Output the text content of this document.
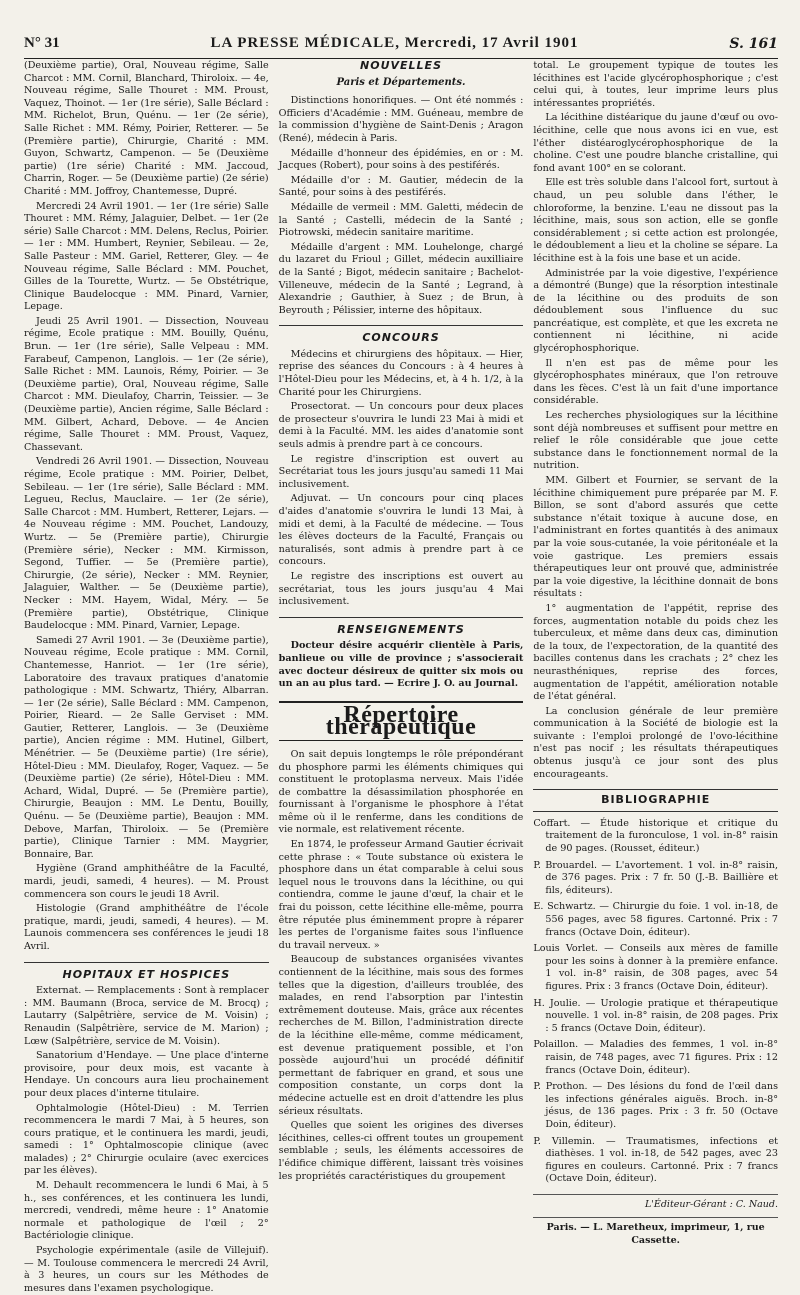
N° 31	LA PRESSE MÉDICALE, Mercredi, 17 Avril 1901	S. 161

(Deuxième partie), Oral, Nouveau régime, Salle Charcot : MM. Cornil, Blanchard, Thiroloix. — 4e, Nouveau régime, Salle Thouret : MM. Proust, Vaquez, Thoinot. — 1er (1re série), Salle Béclard : MM. Richelot, Brun, Quénu. — 1er (2e série), Salle Richet : MM. Rémy, Poirier, Retterer. — 5e (Première partie), Chirurgie, Charité : MM. Guyon, Schwartz, Campenon. — 5e (Deuxième partie) (1re série) Charité : MM. Jaccoud, Charrin, Roger. — 5e (Deuxième partie) (2e série) Charité : MM. Joffroy, Chantemesse, Dupré.

Mercredi 24 Avril 1901. — 1er (1re série) Salle Thouret : MM. Rémy, Jalaguier, Delbet. — 1er (2e série) Salle Charcot : MM. Delens, Reclus, Poirier. — 1er : MM. Humbert, Reynier, Sebileau. — 2e, Salle Pasteur : MM. Gariel, Retterer, Gley. — 4e Nouveau régime, Salle Béclard : MM. Pouchet, Gilles de la Tourette, Wurtz. — 5e Obstétrique, Clinique Baudelocque : MM. Pinard, Varnier, Lepage.

Jeudi 25 Avril 1901. — Dissection, Nouveau régime, Ecole pratique : MM. Bouilly, Quénu, Brun. — 1er (1re série), Salle Velpeau : MM. Farabeuf, Campenon, Langlois. — 1er (2e série), Salle Richet : MM. Launois, Rémy, Poirier. — 3e (Deuxième partie), Oral, Nouveau régime, Salle Charcot : MM. Dieulafoy, Charrin, Teissier. — 3e (Deuxième partie), Ancien régime, Salle Béclard : MM. Gilbert, Achard, Debove. — 4e Ancien régime, Salle Thouret : MM. Proust, Vaquez, Chassevant.

Vendredi 26 Avril 1901. — Dissection, Nouveau régime, Ecole pratique : MM. Poirier, Delbet, Sebileau. — 1er (1re série), Salle Béclard : MM. Legueu, Reclus, Mauclaire. — 1er (2e série), Salle Charcot : MM. Humbert, Retterer, Lejars. — 4e Nouveau régime : MM. Pouchet, Landouzy, Wurtz. — 5e (Première partie), Chirurgie (Première série), Necker : MM. Kirmisson, Segond, Tuffier. — 5e (Première partie), Chirurgie, (2e série), Necker : MM. Reynier, Jalaguier, Walther. — 5e (Deuxième partie), Necker : MM. Hayem, Widal, Méry. — 5e (Première partie), Obstétrique, Clinique Baudelocque : MM. Pinard, Varnier, Lepage.

Samedi 27 Avril 1901. — 3e (Deuxième partie), Nouveau régime, Ecole pratique : MM. Cornil, Chantemesse, Hanriot. — 1er (1re série), Laboratoire des travaux pratiques d'anatomie pathologique : MM. Schwartz, Thiéry, Albarran. — 1er (2e série), Salle Béclard : MM. Campenon, Poirier, Rieard. — 2e Salle Gerviset : MM. Gautier, Retterer, Langlois. — 3e (Deuxième partie), Ancien régime : MM. Hutinel, Gilbert, Ménétrier. — 5e (Deuxième partie) (1re série), Hôtel-Dieu : MM. Dieulafoy, Roger, Vaquez. — 5e (Deuxième partie) (2e série), Hôtel-Dieu : MM. Achard, Widal, Dupré. — 5e (Première partie), Chirurgie, Beaujon : MM. Le Dentu, Bouilly, Quénu. — 5e (Deuxième partie), Beaujon : MM. Debove, Marfan, Thiroloix. — 5e (Première partie), Clinique Tarnier : MM. Maygrier, Bonnaire, Bar.

Hygiène (Grand amphithéâtre de la Faculté, mardi, jeudi, samedi, 4 heures). — M. Proust commencera son cours le jeudi 18 Avril.

Histologie (Grand amphithéâtre de l'école pratique, mardi, jeudi, samedi, 4 heures). — M. Launois commencera ses conférences le jeudi 18 Avril.

HOPITAUX ET HOSPICES

Externat. — Remplacements : Sont à remplacer : MM. Baumann (Broca, service de M. Brocq) ; Lautarry (Salpêtrière, service de M. Voisin) ; Renaudin (Salpêtrière, service de M. Marion) ; Lœw (Salpêtrière, service de M. Voisin).

Sanatorium d'Hendaye. — Une place d'interne provisoire, pour deux mois, est vacante à Hendaye. Un concours aura lieu prochainement pour deux places d'interne titulaire.

Ophtalmologie (Hôtel-Dieu) : M. Terrien recommencera le mardi 7 Mai, à 5 heures, son cours pratique, et le continuera les mardi, jeudi, samedi : 1° Ophtalmoscopie clinique (avec malades) ; 2° Chirurgie oculaire (avec exercices par les élèves).

M. Dehault recommencera le lundi 6 Mai, à 5 h., ses conférences, et les continuera les lundi, mercredi, vendredi, même heure : 1° Anatomie normale et pathologique de l'œil ; 2° Bactériologie clinique.

Psychologie expérimentale (asile de Villejuif). — M. Toulouse commencera le mercredi 24 Avril, à 3 heures, un cours sur les Méthodes de mesures dans l'examen psychologique.

NOUVELLES
Paris et Départements.

Distinctions honorifiques. — Ont été nommés : Officiers d'Académie : MM. Guéneau, membre de la commission d'hygiène de Saint-Denis ; Aragon (René), médecin à Paris.

Médaille d'honneur des épidémies, en or : M. Jacques (Robert), pour soins à des pestiférés.

Médaille d'or : M. Gautier, médecin de la Santé, pour soins à des pestiférés.

Médaille de vermeil : MM. Galetti, médecin de la Santé ; Castelli, médecin de la Santé ; Piotrowski, médecin sanitaire maritime.

Médaille d'argent : MM. Louhelonge, chargé du lazaret du Frioul ; Gillet, médecin auxilliaire de la Santé ; Bigot, médecin sanitaire ; Bachelot-Villeneuve, médecin de la Santé ; Legrand, à Alexandrie ; Gauthier, à Suez ; de Brun, à Beyrouth ; Pélissier, interne des hôpitaux.

CONCOURS

Médecins et chirurgiens des hôpitaux. — Hier, reprise des séances du Concours : à 4 heures à l'Hôtel-Dieu pour les Médecins, et, à 4 h. 1/2, à la Charité pour les Chirurgiens.

Prosectorat. — Un concours pour deux places de prosecteur s'ouvrira le lundi 23 Mai à midi et demi à la Faculté. MM. les aides d'anatomie sont seuls admis à prendre part à ce concours.

Le registre d'inscription est ouvert au Secrétariat tous les jours jusqu'au samedi 11 Mai inclusivement.

Adjuvat. — Un concours pour cinq places d'aides d'anatomie s'ouvrira le lundi 13 Mai, à midi et demi, à la Faculté de médecine. — Tous les élèves docteurs de la Faculté, Français ou naturalisés, sont admis à prendre part à ce concours.

Le registre des inscriptions est ouvert au secrétariat, tous les jours jusqu'au 4 Mai inclusivement.

RENSEIGNEMENTS

Docteur désire acquérir clientèle à Paris, banlieue ou ville de province ; s'associerait avec docteur désireux de quitter six mois ou un an au plus tard. — Ecrire J. O. au Journal.

Répertoire thérapeutique

On sait depuis longtemps le rôle prépondérant du phosphore parmi les éléments chimiques qui constituent le protoplasma nerveux. Mais l'idée de combattre la désassimilation phosphorée en fournissant à l'organisme le phosphore à l'état même où il le renferme, dans les conditions de vie normale, est relativement récente.

En 1874, le professeur Armand Gautier écrivait cette phrase : « Toute substance où existera le phosphore dans un état comparable à celui sous lequel nous le trouvons dans la lécithine, ou qui contiendra, comme le jaune d'œuf, la chair et le frai du poisson, cette lécithine elle-même, pourra être réputée plus éminemment propre à réparer les pertes de l'organisme faites sous l'influence du travail nerveux. »

Beaucoup de substances organisées vivantes contiennent de la lécithine, mais sous des formes telles que la digestion, d'ailleurs troublée, des malades, en rend l'absorption par l'intestin extrêmement douteuse. Mais, grâce aux récentes recherches de M. Billon, l'administration directe de la lécithine elle-même, comme médicament, est devenue pratiquement possible, et l'on possède aujourd'hui un procédé définitif permettant de fabriquer en grand, et sous une composition constante, un corps dont la médecine actuelle est en droit d'attendre les plus sérieux résultats.

Quelles que soient les origines des diverses lécithines, celles-ci offrent toutes un groupement semblable ; seuls, les éléments accessoires de l'édifice chimique diffèrent, laissant très voisines les propriétés caractéristiques du groupement

total. Le groupement typique de toutes les lécithines est l'acide glycérophosphorique ; c'est celui qui, à toutes, leur imprime leurs plus intéressantes propriétés.

La lécithine distéarique du jaune d'œuf ou ovo-lécithine, celle que nous avons ici en vue, est l'éther distéaroglycérophosphorique de la choline. C'est une poudre blanche cristalline, qui fond avant 100° en se colorant.

Elle est très soluble dans l'alcool fort, surtout à chaud, un peu soluble dans l'éther, le chloroforme, la benzine. L'eau ne dissout pas la lécithine, mais, sous son action, elle se gonfle considérablement ; si cette action est prolongée, le dédoublement a lieu et la choline se sépare. La lécithine est à la fois une base et un acide.

Administrée par la voie digestive, l'expérience a démontré (Bunge) que la résorption intestinale de la lécithine ou des produits de son dédoublement sous l'influence du suc pancréatique, est complète, et que les excreta ne contiennent ni lécithine, ni acide glycérophosphorique.

Il n'en est pas de même pour les glycérophosphates minéraux, que l'on retrouve dans les fèces. C'est là un fait d'une importance considérable.

Les recherches physiologiques sur la lécithine sont déjà nombreuses et suffisent pour mettre en relief le rôle considérable que joue cette substance dans le fonctionnement normal de la nutrition.

MM. Gilbert et Fournier, se servant de la lécithine chimiquement pure préparée par M. F. Billon, se sont d'abord assurés que cette substance n'était toxique à aucune dose, en l'administrant en fortes quantités à des animaux par la voie sous-cutanée, la voie péritonéale et la voie gastrique. Les premiers essais thérapeutiques leur ont prouvé que, administrée par la voie digestive, la lécithine donnait de bons résultats :

1° augmentation de l'appétit, reprise des forces, augmentation notable du poids chez les tuberculeux, et même dans deux cas, diminution de la toux, de l'expectoration, de la quantité des bacilles contenus dans les crachats ; 2° chez les neurasthéniques, reprise des forces, augmentation de l'appétit, amélioration notable de l'état général.

La conclusion générale de leur première communication à la Société de biologie est la suivante : l'emploi prolongé de l'ovo-lécithine n'est pas nocif ; les résultats thérapeutiques obtenus jusqu'à ce jour sont des plus encourageants.

BIBLIOGRAPHIE
Coffart. — Étude historique et critique du traitement de la furonculose, 1 vol. in-8° raisin de 90 pages. (Rousset, éditeur.)
P. Brouardel. — L'avortement. 1 vol. in-8° raisin, de 376 pages. Prix : 7 fr. 50 (J.-B. Baillière et fils, éditeurs).
E. Schwartz. — Chirurgie du foie. 1 vol. in-18, de 556 pages, avec 58 figures. Cartonné. Prix : 7 francs (Octave Doin, éditeur).
Louis Vorlet. — Conseils aux mères de famille pour les soins à donner à la première enfance. 1 vol. in-8° raisin, de 308 pages, avec 54 figures. Prix : 3 francs (Octave Doin, éditeur).
H. Joulie. — Urologie pratique et thérapeutique nouvelle. 1 vol. in-8° raisin, de 208 pages. Prix : 5 francs (Octave Doin, éditeur).
Polaillon. — Maladies des femmes, 1 vol. in-8° raisin, de 748 pages, avec 71 figures. Prix : 12 francs (Octave Doin, éditeur).
P. Prothon. — Des lésions du fond de l'œil dans les infections générales aiguës. Broch. in-8° jésus, de 136 pages. Prix : 3 fr. 50 (Octave Doin, éditeur).
P. Villemin. — Traumatismes, infections et diathèses. 1 vol. in-18, de 542 pages, avec 23 figures en couleurs. Cartonné. Prix : 7 francs (Octave Doin, éditeur).
L'Éditeur-Gérant : C. Naud.
Paris. — L. Maretheux, imprimeur, 1, rue Cassette.
